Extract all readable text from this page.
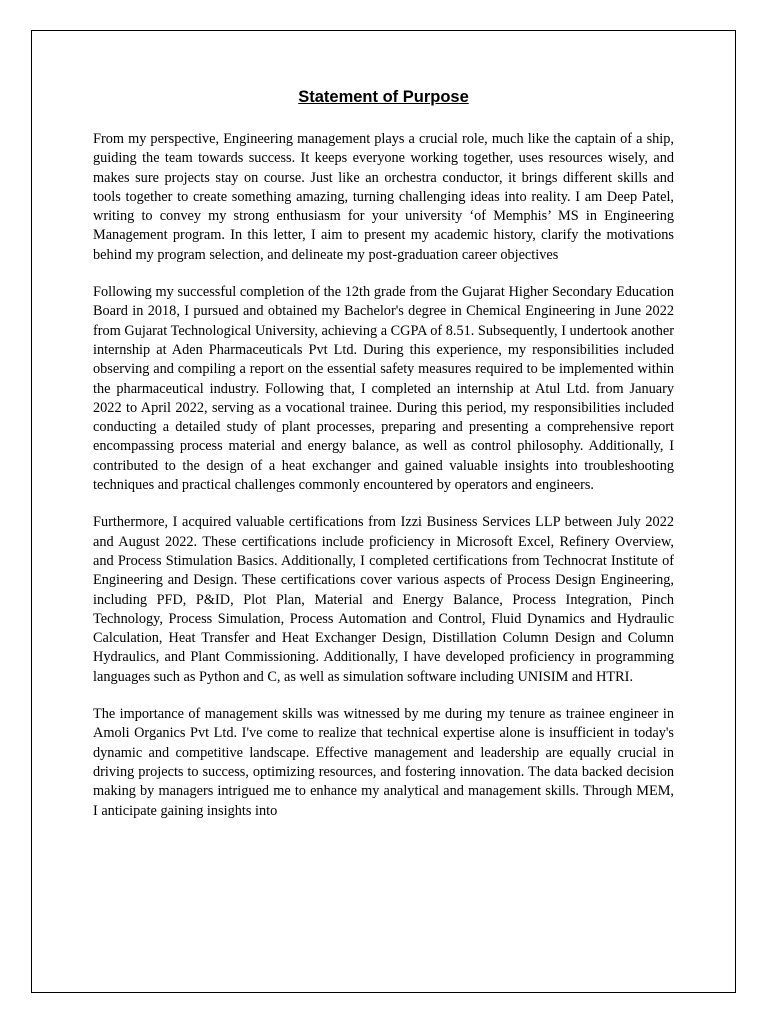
Statement of Purpose

From my perspective, Engineering management plays a crucial role, much like the captain of a ship, guiding the team towards success. It keeps everyone working together, uses resources wisely, and makes sure projects stay on course. Just like an orchestra conductor, it brings different skills and tools together to create something amazing, turning challenging ideas into reality. I am Deep Patel, writing to convey my strong enthusiasm for your university ‘of Memphis’ MS in Engineering Management program. In this letter, I aim to present my academic history, clarify the motivations behind my program selection, and delineate my post-graduation career objectives

Following my successful completion of the 12th grade from the Gujarat Higher Secondary Education Board in 2018, I pursued and obtained my Bachelor's degree in Chemical Engineering in June 2022 from Gujarat Technological University, achieving a CGPA of 8.51. Subsequently, I undertook another internship at Aden Pharmaceuticals Pvt Ltd. During this experience, my responsibilities included observing and compiling a report on the essential safety measures required to be implemented within the pharmaceutical industry. Following that, I completed an internship at Atul Ltd. from January 2022 to April 2022, serving as a vocational trainee. During this period, my responsibilities included conducting a detailed study of plant processes, preparing and presenting a comprehensive report encompassing process material and energy balance, as well as control philosophy. Additionally, I contributed to the design of a heat exchanger and gained valuable insights into troubleshooting techniques and practical challenges commonly encountered by operators and engineers.

Furthermore, I acquired valuable certifications from Izzi Business Services LLP between July 2022 and August 2022. These certifications include proficiency in Microsoft Excel, Refinery Overview, and Process Stimulation Basics. Additionally, I completed certifications from Technocrat Institute of Engineering and Design. These certifications cover various aspects of Process Design Engineering, including PFD, P&ID, Plot Plan, Material and Energy Balance, Process Integration, Pinch Technology, Process Simulation, Process Automation and Control, Fluid Dynamics and Hydraulic Calculation, Heat Transfer and Heat Exchanger Design, Distillation Column Design and Column Hydraulics, and Plant Commissioning. Additionally, I have developed proficiency in programming languages such as Python and C, as well as simulation software including UNISIM and HTRI.

The importance of management skills was witnessed by me during my tenure as trainee engineer in Amoli Organics Pvt Ltd. I've come to realize that technical expertise alone is insufficient in today's dynamic and competitive landscape. Effective management and leadership are equally crucial in driving projects to success, optimizing resources, and fostering innovation. The data backed decision making by managers intrigued me to enhance my analytical and management skills. Through MEM, I anticipate gaining insights into
